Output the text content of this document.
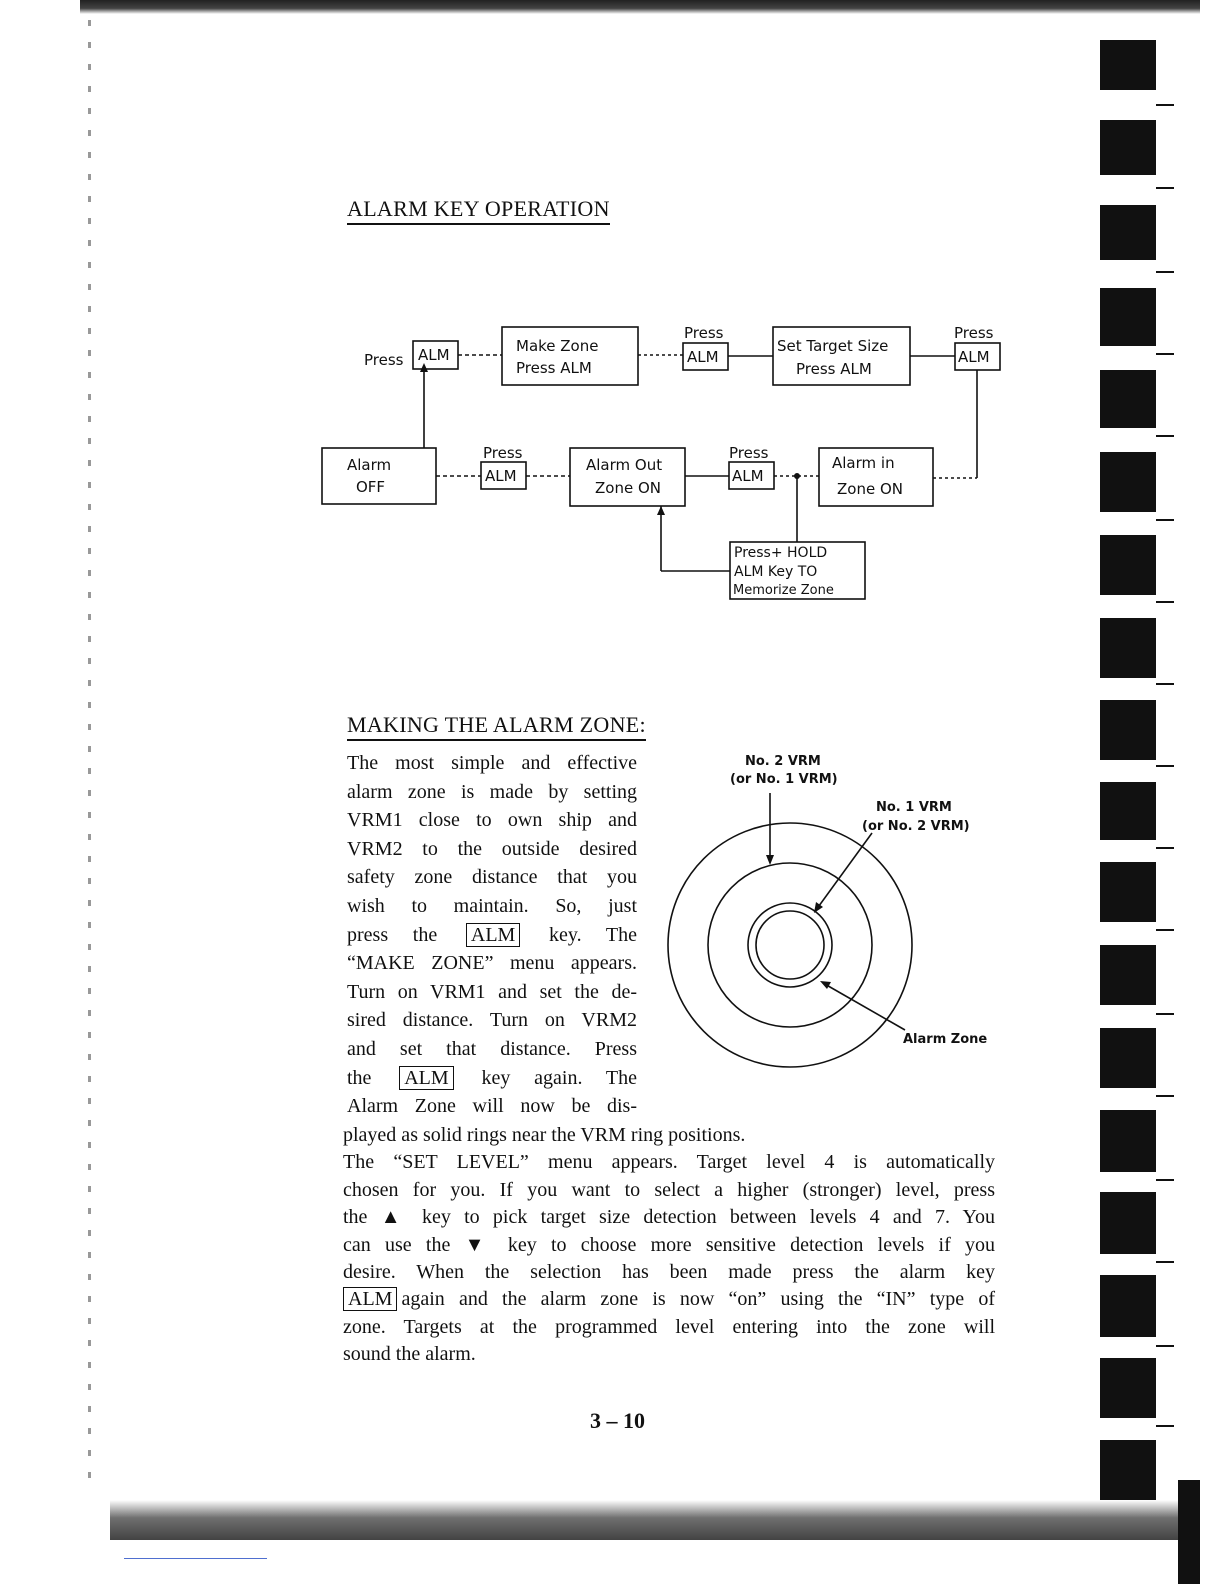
ALARM KEY OPERATION
Press ALM	Make Zone
Press ALM
Press
ALM
Set Target Size
Press ALM
Press
ALM
Alarm
OFF
Press
ALM
Alarm Out
Zone ON
Press
ALM
Alarm in
Zone ON
Press+ HOLD
ALM Key TO
Memorize Zone
MAKING THE ALARM ZONE:
The most simple and effective
alarm zone is made by setting
VRM1 close to own ship and
VRM2 to the outside desired
safety zone distance that you
wish to maintain. So, just
press the ALM key. The
“MAKE ZONE” menu appears.
Turn on VRM1 and set the de-
sired distance. Turn on VRM2
and set that distance. Press
the ALM key again. The
Alarm Zone will now be dis-
played as solid rings near the VRM ring positions.
The “SET LEVEL” menu appears. Target level 4 is automatically
chosen for you. If you want to select a higher (stronger) level, press
the ▲ key to pick target size detection between levels 4 and 7. You
can use the ▼ key to choose more sensitive detection levels if you
desire. When the selection has been made press the alarm key
ALM again and the alarm zone is now “on” using the “IN” type of
zone. Targets at the programmed level entering into the zone will
sound the alarm.
No. 2 VRM
(or No. 1 VRM)
No. 1 VRM
(or No. 2 VRM)
Alarm Zone
3 – 10
